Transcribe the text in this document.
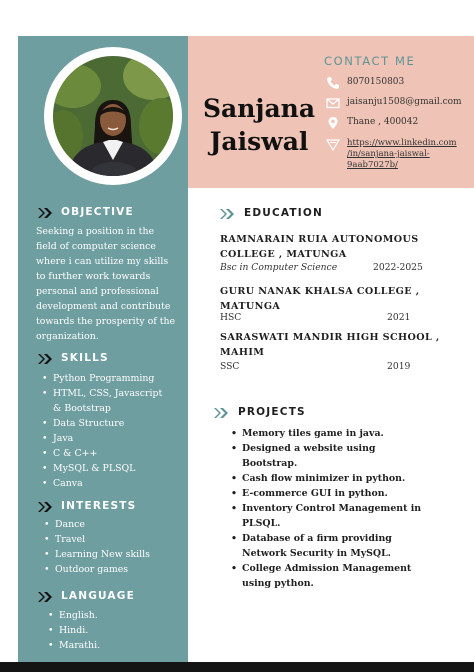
Sanjana
Jaiswal
CONTACT ME
8070150803
jaisanju1508@gmail.com
Thane , 400042
https://www.linkedin.com
/in/sanjana-jaiswal-
9aab7027b/
OBJECTIVE
Seeking a position in the
field of computer science
where i can utilize my skills
to further work towards
personal and professional
development and contribute
towards the prosperity of the
organization.
SKILLS
• Python Programming
• HTML, CSS, Javascript
& Bootstrap
• Data Structure
• Java
• C & C++
• MySQL & PLSQL
• Canva
INTERESTS
• Dance
• Travel
• Learning New skills
• Outdoor games
LANGUAGE
• English.
• Hindi.
• Marathi.
EDUCATION
RAMNARAIN RUIA AUTONOMOUS
COLLEGE , MATUNGA
Bsc in Computer Science	2022-2025
GURU NANAK KHALSA COLLEGE ,
MATUNGA
HSC	2021
SARASWATI MANDIR HIGH SCHOOL ,
MAHIM
SSC	2019
PROJECTS
• Memory tiles game in java.
• Designed a website using
Bootstrap.
• Cash flow minimizer in python.
• E-commerce GUI in python.
• Inventory Control Management in
PLSQL.
• Database of a firm providing
Network Security in MySQL.
• College Admission Management
using python.
